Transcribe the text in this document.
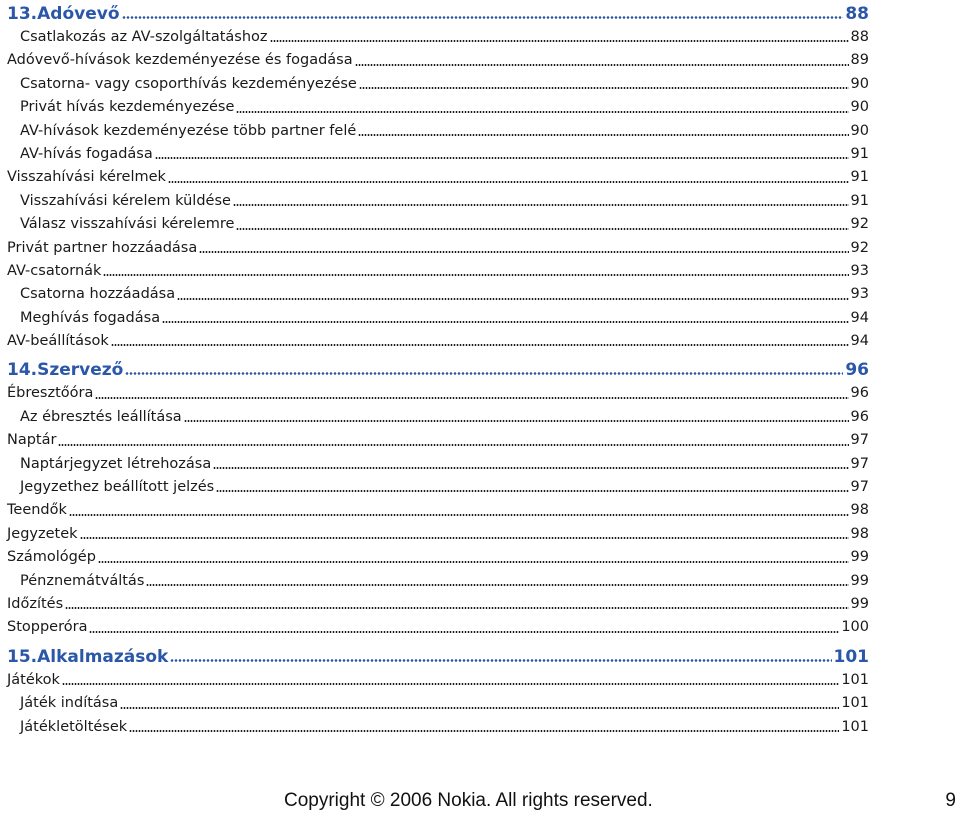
13.Adóvevő	88
Csatlakozás az AV-szolgáltatáshoz	88
Adóvevő-hívások kezdeményezése és fogadása	89
Csatorna- vagy csoporthívás kezdeményezése	90
Privát hívás kezdeményezése	90
AV-hívások kezdeményezése több partner felé	90
AV-hívás fogadása	91
Visszahívási kérelmek	91
Visszahívási kérelem küldése	91
Válasz visszahívási kérelemre	92
Privát partner hozzáadása	92
AV-csatornák	93
Csatorna hozzáadása	93
Meghívás fogadása	94
AV-beállítások	94
14.Szervező	96
Ébresztőóra	96
Az ébresztés leállítása	96
Naptár	97
Naptárjegyzet létrehozása	97
Jegyzethez beállított jelzés	97
Teendők	98
Jegyzetek	98
Számológép	99
Pénznemátváltás	99
Időzítés	99
Stopperóra	100
15.Alkalmazások	101
Játékok	101
Játék indítása	101
Játékletöltések	101
Copyright © 2006 Nokia. All rights reserved.	9
